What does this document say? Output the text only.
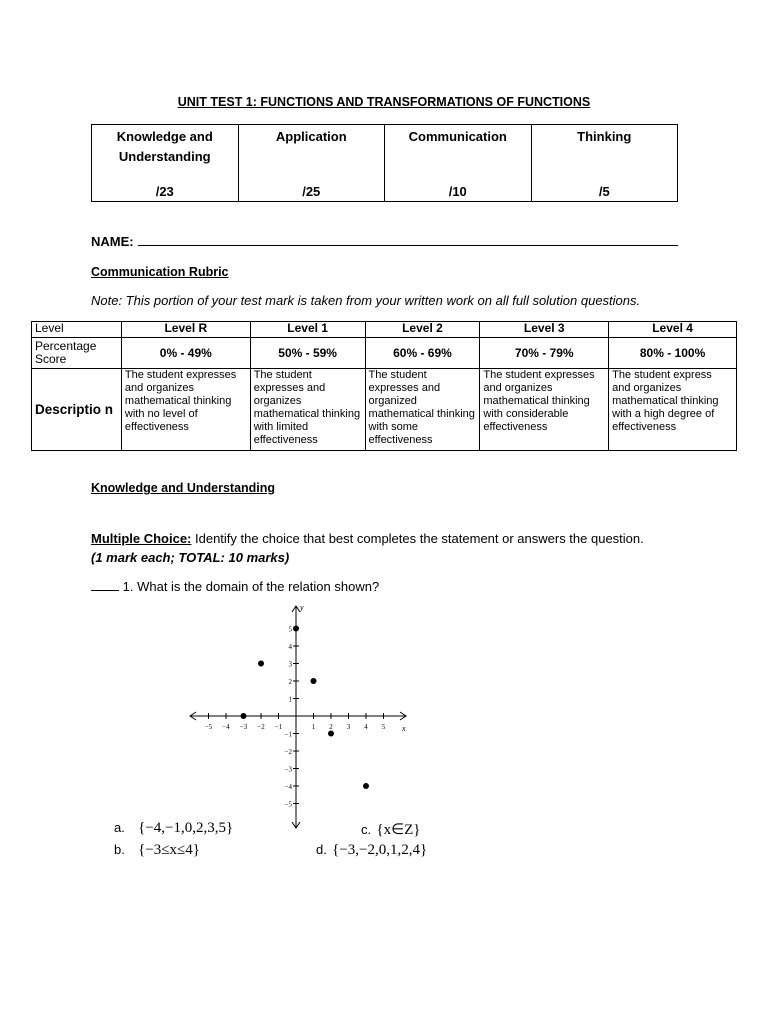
UNIT TEST 1: FUNCTIONS AND TRANSFORMATIONS OF FUNCTIONS
Knowledge and Understanding
/23

Application
/25

Communication
/10

Thinking
/5
NAME:
Communication Rubric
Note: This portion of your test mark is taken from your written work on all full solution questions.
Level	Level R	Level 1	Level 2	Level 3	Level 4
Percentage Score	0% - 49%	50% - 59%	60% - 69%	70% - 79%	80% - 100%
Descriptio n	The student expresses and organizes mathematical thinking with no level of effectiveness	The student expresses and organizes mathematical thinking with limited effectiveness	The student expresses and organized mathematical thinking with some effectiveness	The student expresses and organizes mathematical thinking with considerable effectiveness	The student express and organizes mathematical thinking with a high degree of effectiveness
Knowledge and Understanding
Multiple Choice: Identify the choice that best completes the statement or answers the question. (1 mark each; TOTAL: 10 marks)
1. What is the domain of the relation shown?
x
y
−5 −4 −3 −2 −1	1 2 3 4 5
−5
−4
−3
−2
−1
1
2
3
4
5
a. {−4,−1,0,2,3,5}
b. {−3≤x≤4}
c. {x∈Z}
d. {−3,−2,0,1,2,4}
